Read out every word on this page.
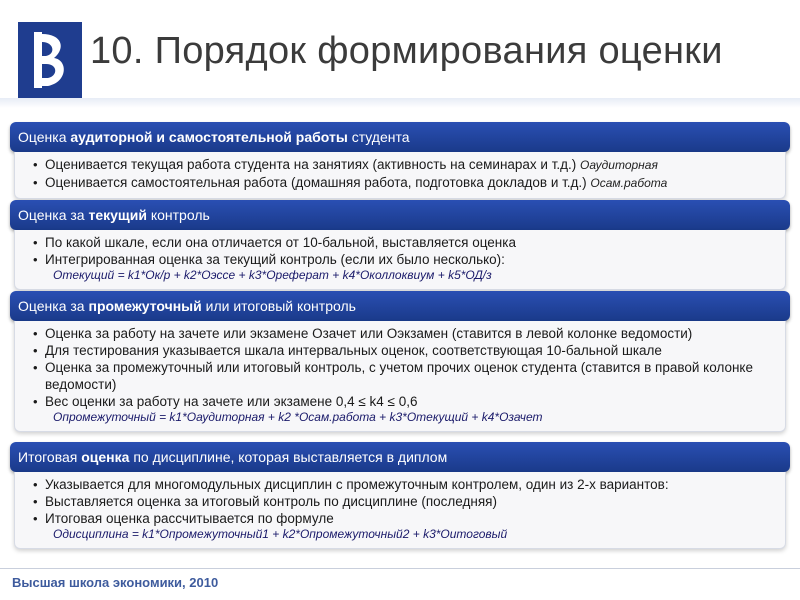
10. Порядок формирования оценки
Оценка аудиторной и самостоятельной работы студента
• Оценивается текущая работа студента на занятиях (активность на семинарах и т.д.) Оаудиторная
• Оценивается самостоятельная работа (домашняя работа, подготовка докладов и т.д.) Осам.работа
Оценка за текущий контроль
• По какой шкале, если она отличается от 10-бальной, выставляется оценка
• Интегрированная оценка за текущий контроль (если их было несколько):
Отекущий = k1*Ок/р + k2*Оэссе + k3*Ореферат + k4*Околлоквиум + k5*ОД/з
Оценка за промежуточный или итоговый контроль
• Оценка за работу на зачете или экзамене Озачет или Оэкзамен (ставится в левой колонке ведомости)
• Для тестирования указывается шкала интервальных оценок, соответствующая 10-бальной шкале
• Оценка за промежуточный или итоговый контроль, с учетом прочих оценок студента (ставится в правой колонке ведомости)
• Вес оценки за работу на зачете или экзамене 0,4 ≤ k4 ≤ 0,6
Опромежуточный = k1*Оаудиторная + k2 *Осам.работа + k3*Отекущий + k4*Озачет
Итоговая оценка по дисциплине, которая выставляется в диплом
• Указывается для многомодульных дисциплин с промежуточным контролем, один из 2-х вариантов:
• Выставляется оценка за итоговый контроль по дисциплине (последняя)
• Итоговая оценка рассчитывается по формуле
Одисциплина = k1*Опромежуточный1 + k2*Опромежуточный2 + k3*Оитоговый
Высшая школа экономики, 2010
